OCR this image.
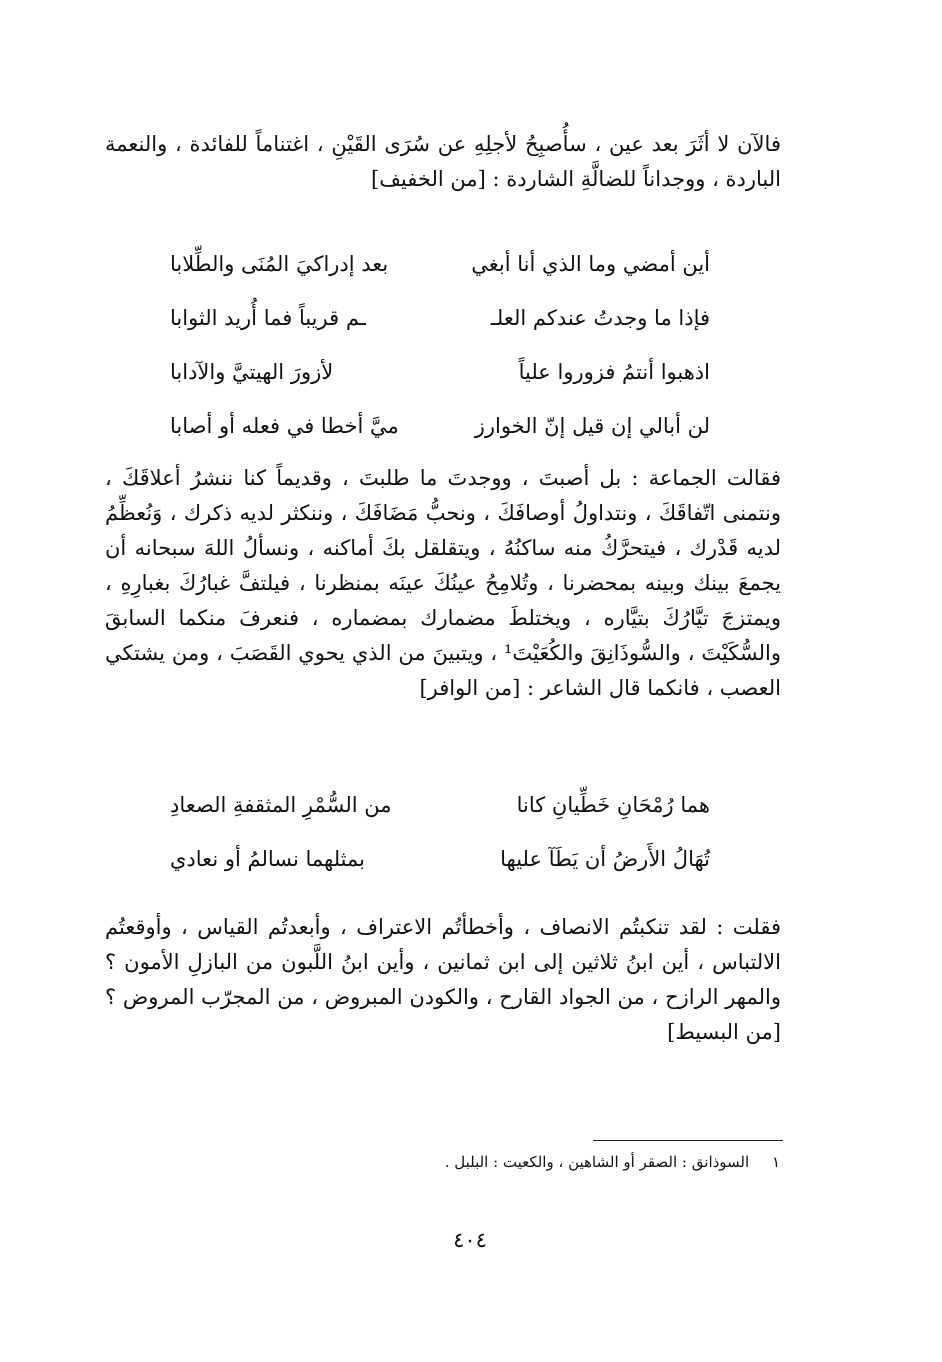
فالآن لا أثَرَ بعد عين ، سأُصبِحُ لأجلِهِ عن سُرَى القَيْنِ ، اغتناماً للفائدة ، والنعمة الباردة ، ووجداناً للضالَّةِ الشاردة : [من الخفيف]

أين أمضي وما الذي أنا أبغي
بعد إدراكيَ المُنَى والطِّلابا
فإذا ما وجدتُ عندكم العلـ
ـم قريباً فما أُريد الثوابا
اذهبوا أنتمُ فزوروا علياً
لأزورَ الهيتيَّ والآدابا
لن أبالي إن قيل إنّ الخوارز
ميَّ أخطا في فعله أو أصابا

فقالت الجماعة : بل أصبتَ ، ووجدتَ ما طلبتَ ، وقديماً كنا ننشرُ أعلاقَكَ ، ونتمنى اتّفاقَكَ ، ونتداولُ أوصافَكَ ، ونحبُّ مَضَافَكَ ، وننكثر لديه ذكرك ، وَنُعظِّمُ لديه قَدْرك ، فيتحرَّكُ منه ساكنُهُ ، ويتقلقل بكَ أماكنه ، ونسألُ اللهَ سبحانه أن يجمعَ بينك وبينه بمحضرنا ، وتُلامِحُ عينُكَ عينَه بمنظرنا ، فيلتفَّ غبارُكَ بغبارِهِ ، ويمتزجَ تيَّارُكَ بتيَّاره ، ويختلطَ مضمارك بمضماره ، فنعرفَ منكما السابقَ والسُّكَيْتَ ، والسُّوذَانِقَ والكُعَيْتَ¹ ، ويتبينَ من الذي يحوي القَصَبَ ، ومن يشتكي العصب ، فانكما قال الشاعر : [من الوافر]

هما رُمْحَانِ خَطِّيانِ كانا
من السُّمْرِ المثقفةِ الصعادِ
تُهَالُ الأَرضُ أن يَطَآ عليها
بمثلهما نسالمُ أو نعادي

فقلت : لقد تنكبتُم الانصاف ، وأخطأتُم الاعتراف ، وأبعدتُم القياس ، وأوقعتُم الالتباس ، أين ابنُ ثلاثين إلى ابن ثمانين ، وأين ابنُ اللَّبون من البازلِ الأمون ؟ والمهر الرازح ، من الجواد القارح ، والكودن المبروض ، من المجرّب المروض ؟ [من البسيط]

١ السوذانق : الصقر أو الشاهين ، والكعيت : البلبل .
٤٠٤
